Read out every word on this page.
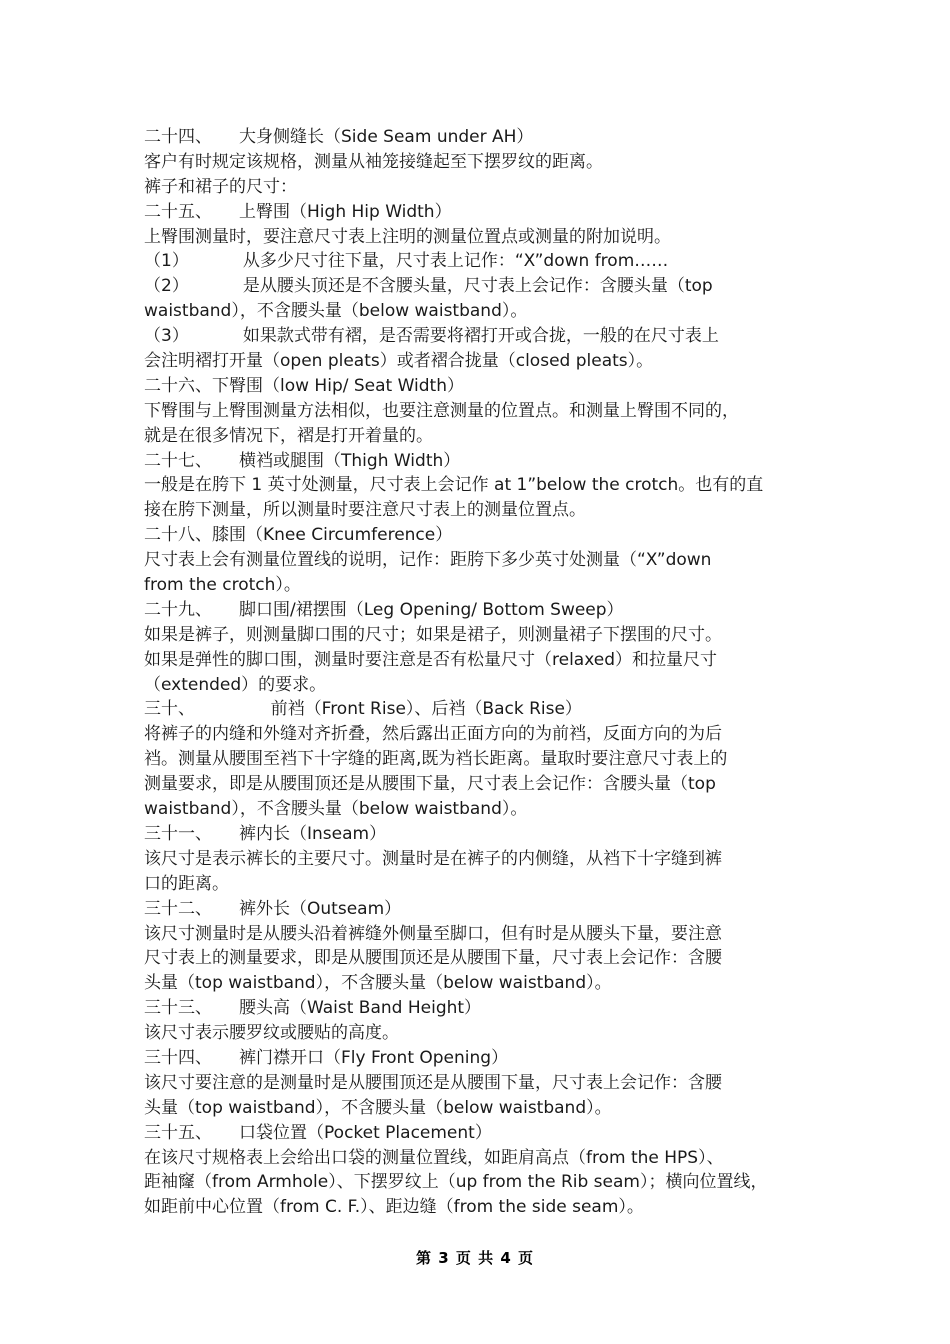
二十四、     大身侧缝长（Side Seam under AH）
客户有时规定该规格，测量从袖笼接缝起至下摆罗纹的距离。
裤子和裙子的尺寸：
二十五、     上臀围（High Hip Width）
上臀围测量时，要注意尺寸表上注明的测量位置点或测量的附加说明。
（1）          从多少尺寸往下量，尺寸表上记作：“X”down from……
（2）          是从腰头顶还是不含腰头量，尺寸表上会记作：含腰头量（top
waistband），不含腰头量（below waistband）。
（3）          如果款式带有褶，是否需要将褶打开或合拢，一般的在尺寸表上
会注明褶打开量（open pleats）或者褶合拢量（closed pleats）。
二十六、下臀围（low Hip/ Seat Width）
下臀围与上臀围测量方法相似，也要注意测量的位置点。和测量上臀围不同的，
就是在很多情况下，褶是打开着量的。
二十七、     横裆或腿围（Thigh Width）
一般是在胯下 1 英寸处测量，尺寸表上会记作 at 1”below the crotch。也有的直
接在胯下测量，所以测量时要注意尺寸表上的测量位置点。
二十八、膝围（Knee Circumference）
尺寸表上会有测量位置线的说明，记作：距胯下多少英寸处测量（“X”down
from the crotch）。
二十九、     脚口围/裙摆围（Leg Opening/ Bottom Sweep）
如果是裤子，则测量脚口围的尺寸；如果是裙子，则测量裙子下摆围的尺寸。
如果是弹性的脚口围，测量时要注意是否有松量尺寸（relaxed）和拉量尺寸
（extended）的要求。
三十、              前裆（Front Rise）、后裆（Back Rise）
将裤子的内缝和外缝对齐折叠，然后露出正面方向的为前裆，反面方向的为后
裆。测量从腰围至裆下十字缝的距离,既为裆长距离。量取时要注意尺寸表上的
测量要求，即是从腰围顶还是从腰围下量，尺寸表上会记作：含腰头量（top
waistband），不含腰头量（below waistband）。
三十一、     裤内长（Inseam）
该尺寸是表示裤长的主要尺寸。测量时是在裤子的内侧缝，从裆下十字缝到裤
口的距离。
三十二、     裤外长（Outseam）
该尺寸测量时是从腰头沿着裤缝外侧量至脚口，但有时是从腰头下量，要注意
尺寸表上的测量要求，即是从腰围顶还是从腰围下量，尺寸表上会记作：含腰
头量（top waistband），不含腰头量（below waistband）。
三十三、     腰头高（Waist Band Height）
该尺寸表示腰罗纹或腰贴的高度。
三十四、     裤门襟开口（Fly Front Opening）
该尺寸要注意的是测量时是从腰围顶还是从腰围下量，尺寸表上会记作：含腰
头量（top waistband），不含腰头量（below waistband）。
三十五、     口袋位置（Pocket Placement）
在该尺寸规格表上会给出口袋的测量位置线，如距肩高点（from the HPS）、
距袖窿（from Armhole）、下摆罗纹上（up from the Rib seam）；横向位置线，
如距前中心位置（from C. F.）、距边缝（from the side seam）。
第 3 页 共 4 页
